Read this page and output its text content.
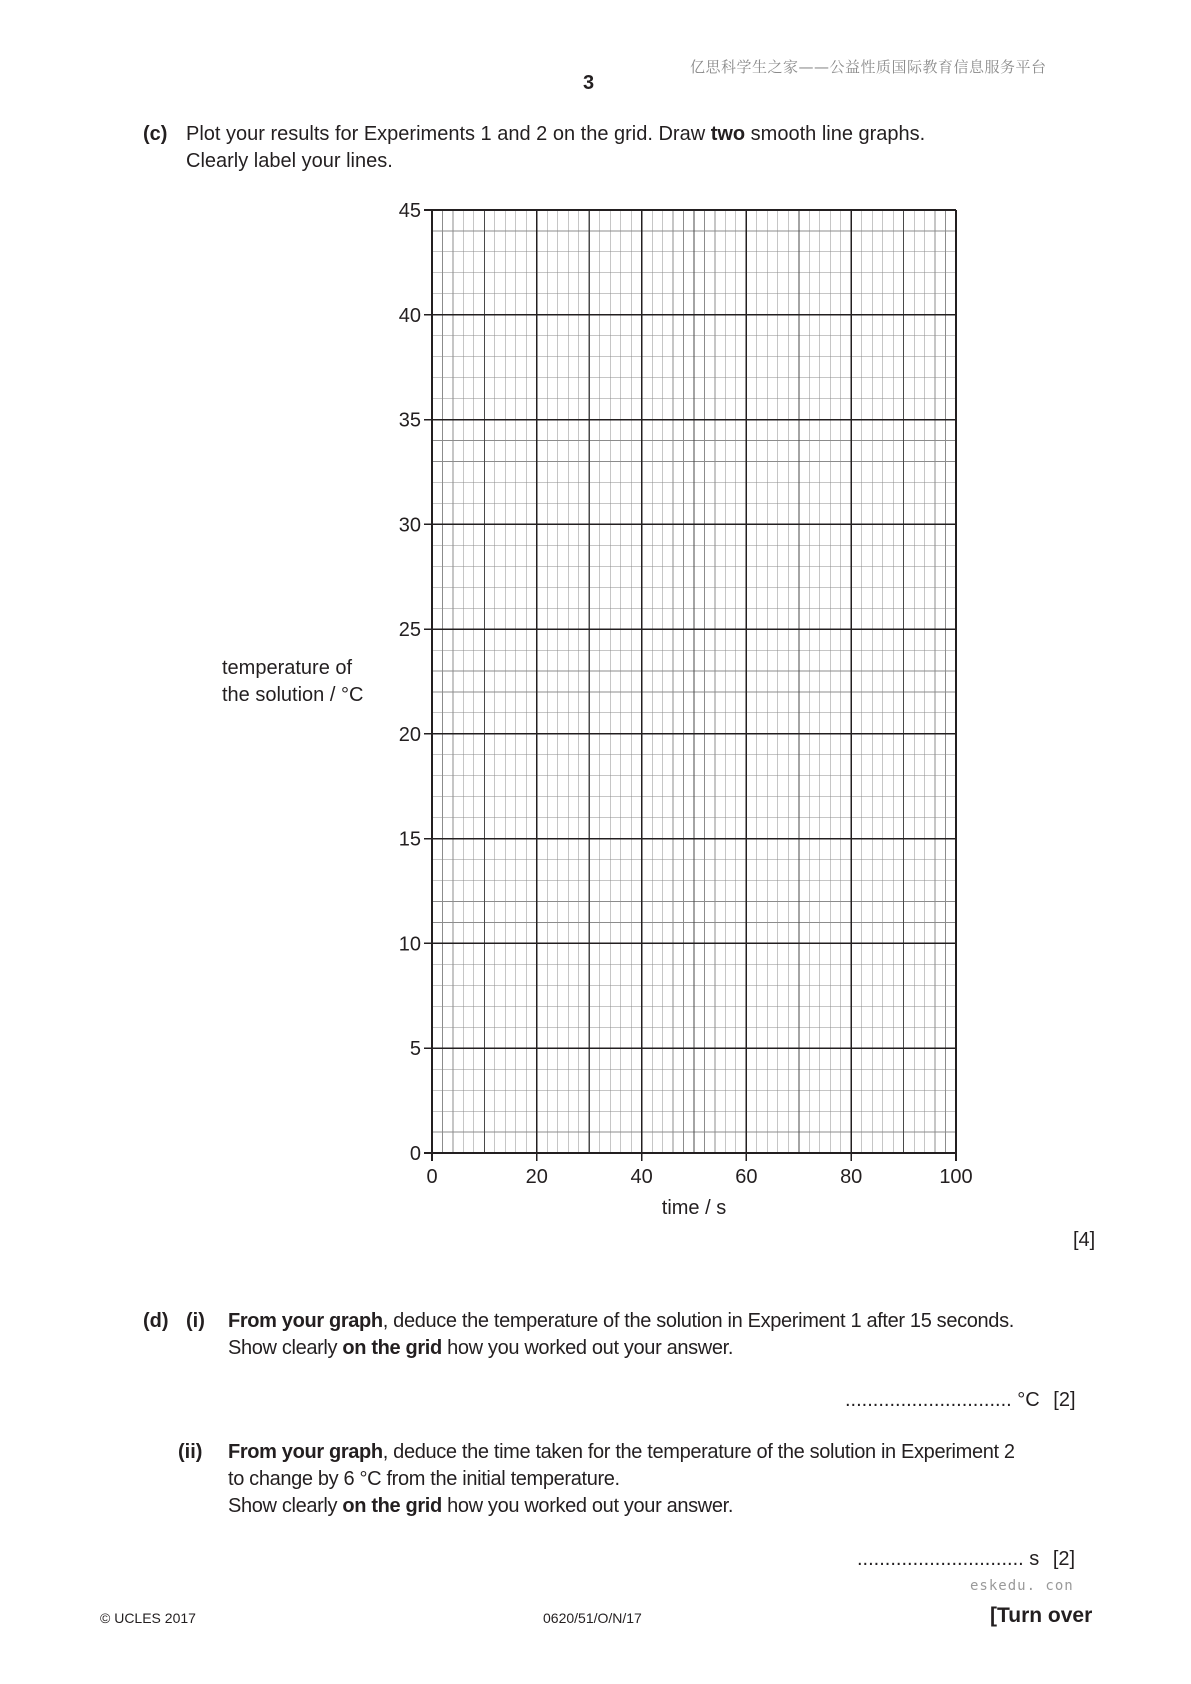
亿思科学生之家——公益性质国际教育信息服务平台
3
(c) Plot your results for Experiments 1 and 2 on the grid. Draw two smooth line graphs.
Clearly label your lines.
temperature of
the solution / °C
0
5
10
15
20
25
30
35
40
45
0	20	40	60	80	100
time / s
[4]
(d) (i) From your graph, deduce the temperature of the solution in Experiment 1 after 15 seconds.
Show clearly on the grid how you worked out your answer.
.............................. °C [2]
(ii) From your graph, deduce the time taken for the temperature of the solution in Experiment 2
to change by 6 °C from the initial temperature.
Show clearly on the grid how you worked out your answer.
.............................. s [2]
eskedu. con
© UCLES 2017	0620/51/O/N/17	[Turn over
